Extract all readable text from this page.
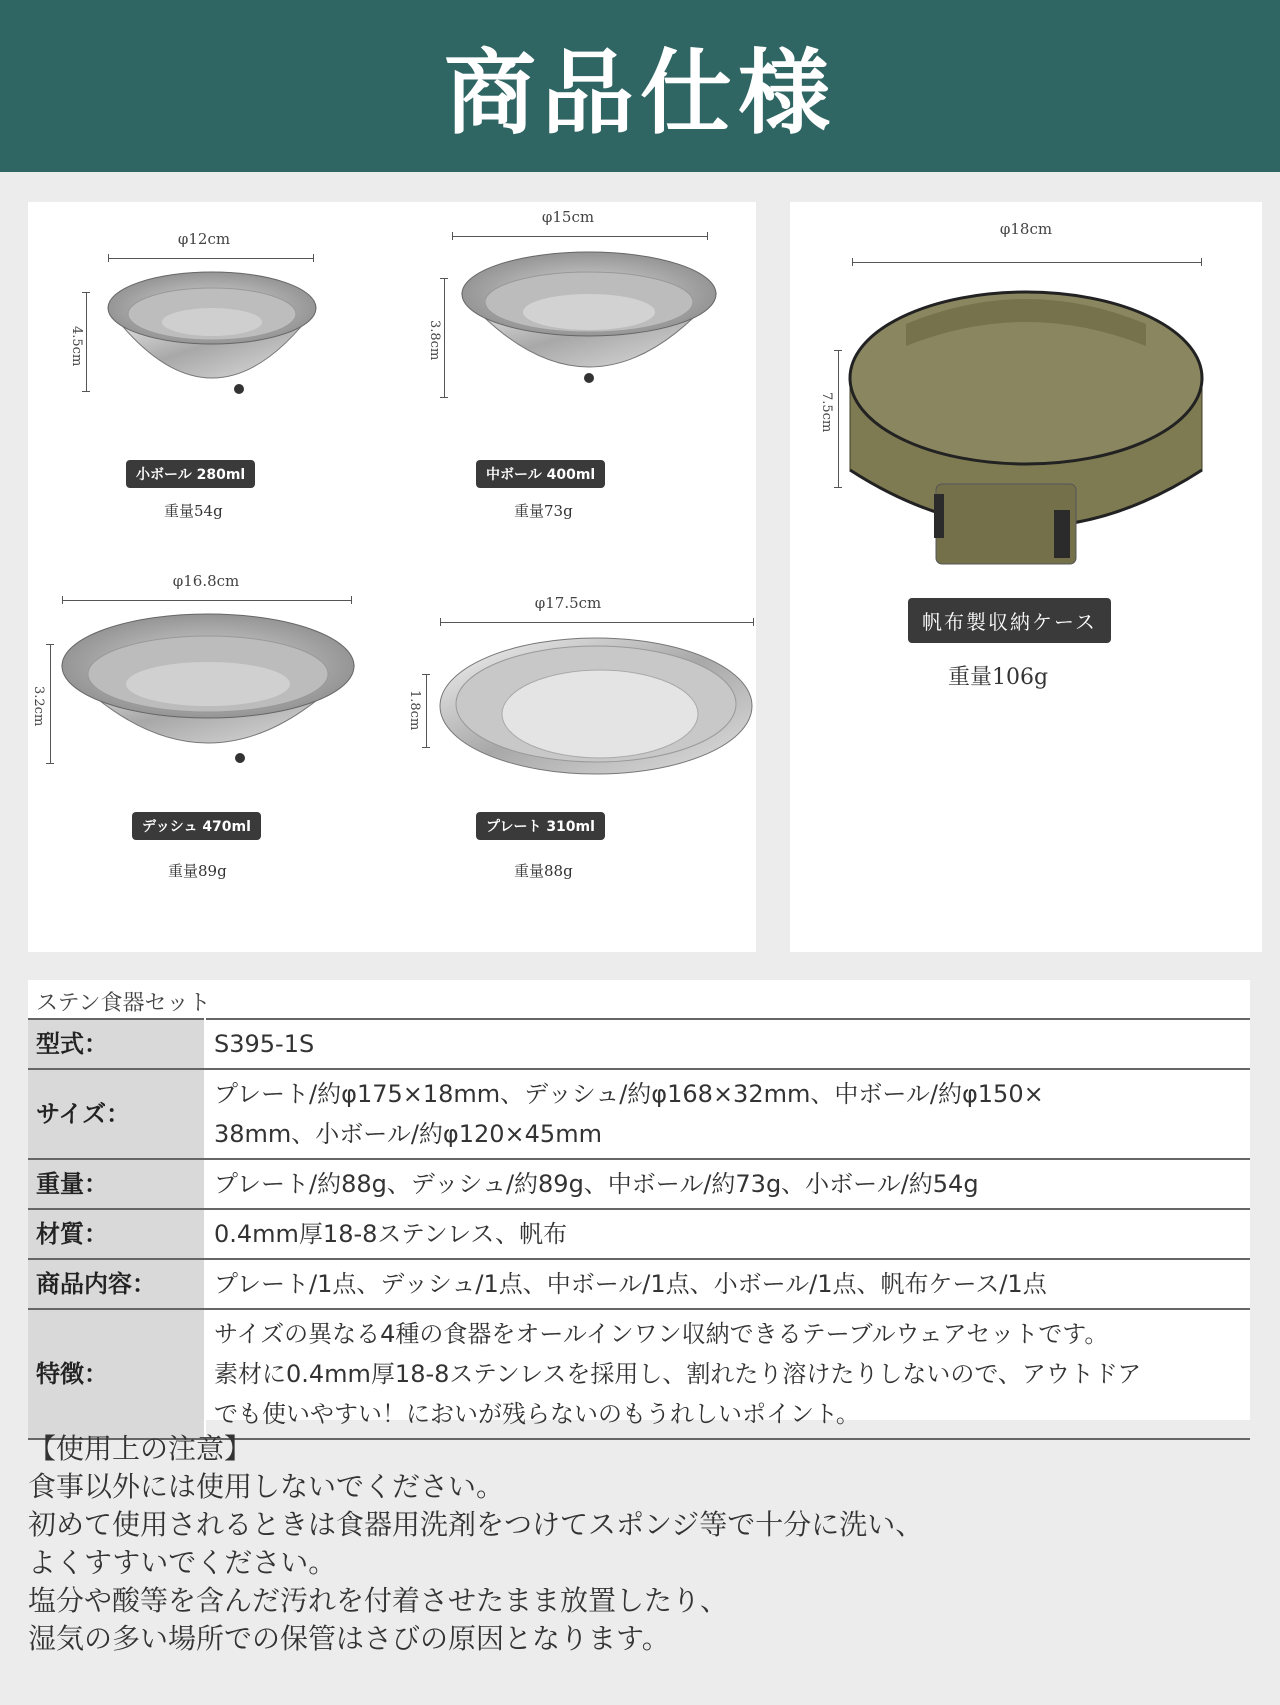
商品仕様
φ12cm
4.5cm
小ボール 280ml
重量54g
φ15cm
3.8cm
中ボール 400ml
重量73g
φ16.8cm
3.2cm
デッシュ 470ml
重量89g
φ17.5cm
1.8cm
プレート 310ml
重量88g
φ18cm
7.5cm
帆布製収納ケース
重量106g
ステン食器セット
型式：	S395-1S

サイズ：	プレート/約φ175×18mm、デッシュ/約φ168×32mm、中ボール/約φ150×
38mm、小ボール/約φ120×45mm

重量：	プレート/約88g、デッシュ/約89g、中ボール/約73g、小ボール/約54g

材質：	0.4mm厚18-8ステンレス、帆布

商品内容：	プレート/1点、デッシュ/1点、中ボール/1点、小ボール/1点、帆布ケース/1点

特徴：	サイズの異なる4種の食器をオールインワン収納できるテーブルウェアセットです。
素材に0.4mm厚18-8ステンレスを採用し、割れたり溶けたりしないので、アウトドア
でも使いやすい！においが残らないのもうれしいポイント。
【使用上の注意】
食事以外には使用しないでください。
初めて使用されるときは食器用洗剤をつけてスポンジ等で十分に洗い、
よくすすいでください。
塩分や酸等を含んだ汚れを付着させたまま放置したり、
湿気の多い場所での保管はさびの原因となります。
